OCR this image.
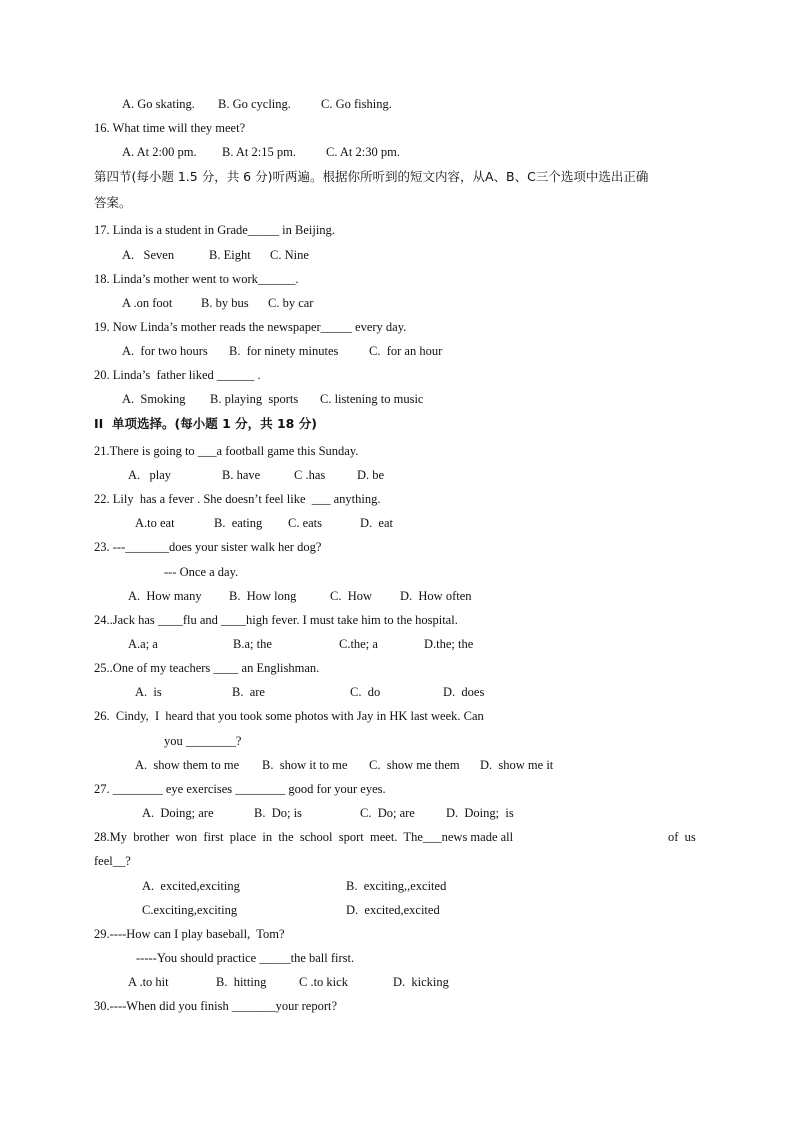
A. Go skating. B. Go cycling. C. Go fishing.
16. What time will they meet?
A. At 2:00 pm. B. At 2:15 pm. C. At 2:30 pm.
第四节(每小题 1.5 分，共 6 分)听两遍。根据你所听到的短文内容，从A、B、C三个选项中选出正确
答案。
17. Linda is a student in Grade_____ in Beijing.
A.   Seven	B. Eight C. Nine
18. Linda’s mother went to work______.
A .on foot B. by bus C. by car
19. Now Linda’s mother reads the newspaper_____ every day.
A.  for two hours B.  for ninety minutes C.  for an hour
20. Linda’s  father liked ______ .
A.  Smoking B. playing  sports C. listening to music
II  单项选择。(每小题 1 分，共 18 分)
21.There is going to ___a football game this Sunday.
A.   play	B. have	C .has	D. be
22. Lily  has a fever . She doesn’t feel like  ___ anything.
A.to eat	B.  eating C. eats	D.  eat
23. ---_______does your sister walk her dog?
--- Once a day.
A.  How many B.  How long	C.  How D.  How often
24..Jack has ____flu and ____high fever. I must take him to the hospital.
A.a; a	B.a; the	C.the; a	D.the; the
25..One of my teachers ____ an Englishman.
A.  is	B.  are	C.  do	D.  does
26.  Cindy,  I  heard that you took some photos with Jay in HK last week. Can
you ________?
A.  show them to me B.  show it to me C.  show me them D.  show me it
27. ________ eye exercises ________ good for your eyes.
A.  Doing; are	B.  Do; is	C.  Do; are D.  Doing;  is
28.My  brother  won  first  place  in  the  school  sport  meet.  The___news made all	of  us
feel__?
A.  excited,exciting	B.  exciting,,excited
C.exciting,exciting	D.  excited,excited
29.----How can I play baseball,  Tom?
-----You should practice _____the ball first.
A .to hit	B.  hitting	C .to kick	D.  kicking
30.----When did you finish _______your report?
